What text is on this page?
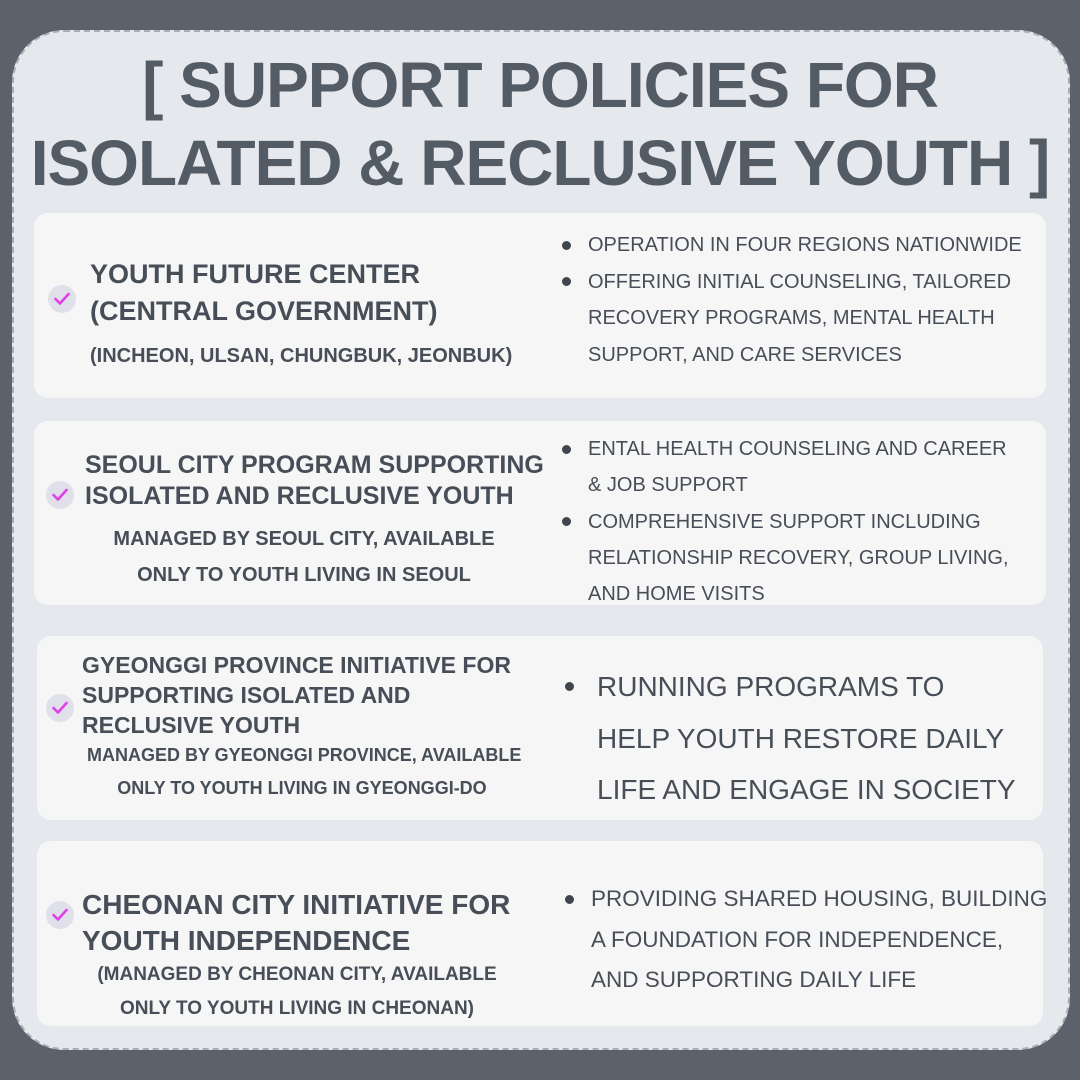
[ SUPPORT POLICIES FOR
ISOLATED & RECLUSIVE YOUTH ]
YOUTH FUTURE CENTER
(CENTRAL GOVERNMENT)
(INCHEON, ULSAN, CHUNGBUK, JEONBUK)
OPERATION IN FOUR REGIONS NATIONWIDE
OFFERING INITIAL COUNSELING, TAILORED
RECOVERY PROGRAMS, MENTAL HEALTH
SUPPORT, AND CARE SERVICES
SEOUL CITY PROGRAM SUPPORTING
ISOLATED AND RECLUSIVE YOUTH
MANAGED BY SEOUL CITY, AVAILABLE
ONLY TO YOUTH LIVING IN SEOUL
ENTAL HEALTH COUNSELING AND CAREER
& JOB SUPPORT
COMPREHENSIVE SUPPORT INCLUDING
RELATIONSHIP RECOVERY, GROUP LIVING,
AND HOME VISITS
GYEONGGI PROVINCE INITIATIVE FOR
SUPPORTING ISOLATED AND
RECLUSIVE YOUTH
MANAGED BY GYEONGGI PROVINCE, AVAILABLE
ONLY TO YOUTH LIVING IN GYEONGGI-DO
RUNNING PROGRAMS TO
HELP YOUTH RESTORE DAILY
LIFE AND ENGAGE IN SOCIETY
CHEONAN CITY INITIATIVE FOR
YOUTH INDEPENDENCE
(MANAGED BY CHEONAN CITY, AVAILABLE
ONLY TO YOUTH LIVING IN CHEONAN)
PROVIDING SHARED HOUSING, BUILDING
A FOUNDATION FOR INDEPENDENCE,
AND SUPPORTING DAILY LIFE
